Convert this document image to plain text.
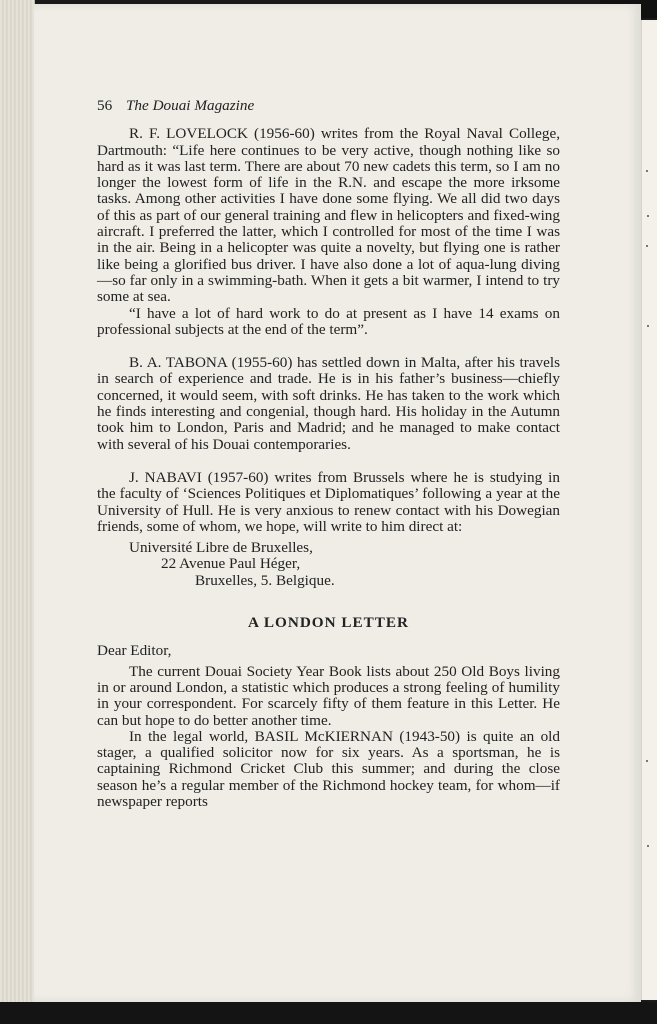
56 The Douai Magazine

R. F. LOVELOCK (1956-60) writes from the Royal Naval College, Dartmouth: “Life here continues to be very active, though nothing like so hard as it was last term. There are about 70 new cadets this term, so I am no longer the lowest form of life in the R.N. and escape the more irksome tasks. Among other activities I have done some flying. We all did two days of this as part of our general training and flew in helicopters and fixed-wing aircraft. I preferred the latter, which I controlled for most of the time I was in the air. Being in a helicopter was quite a novelty, but flying one is rather like being a glorified bus driver. I have also done a lot of aqua-lung diving—so far only in a swimming-bath. When it gets a bit warmer, I intend to try some at sea.

“I have a lot of hard work to do at present as I have 14 exams on professional subjects at the end of the term”.

B. A. TABONA (1955-60) has settled down in Malta, after his travels in search of experience and trade. He is in his father’s business—chiefly concerned, it would seem, with soft drinks. He has taken to the work which he finds interesting and congenial, though hard. His holiday in the Autumn took him to London, Paris and Madrid; and he managed to make contact with several of his Douai contemporaries.

J. NABAVI (1957-60) writes from Brussels where he is studying in the faculty of ‘Sciences Politiques et Diplomatiques’ following a year at the University of Hull. He is very anxious to renew contact with his Dowegian friends, some of whom, we hope, will write to him direct at:

Université Libre de Bruxelles,
22 Avenue Paul Héger,
Bruxelles, 5. Belgique.
A LONDON LETTER

Dear Editor,

The current Douai Society Year Book lists about 250 Old Boys living in or around London, a statistic which produces a strong feeling of humility in your correspondent. For scarcely fifty of them feature in this Letter. He can but hope to do better another time.

In the legal world, BASIL McKIERNAN (1943-50) is quite an old stager, a qualified solicitor now for six years. As a sportsman, he is captaining Richmond Cricket Club this summer; and during the close season he’s a regular member of the Richmond hockey team, for whom—if newspaper reports
